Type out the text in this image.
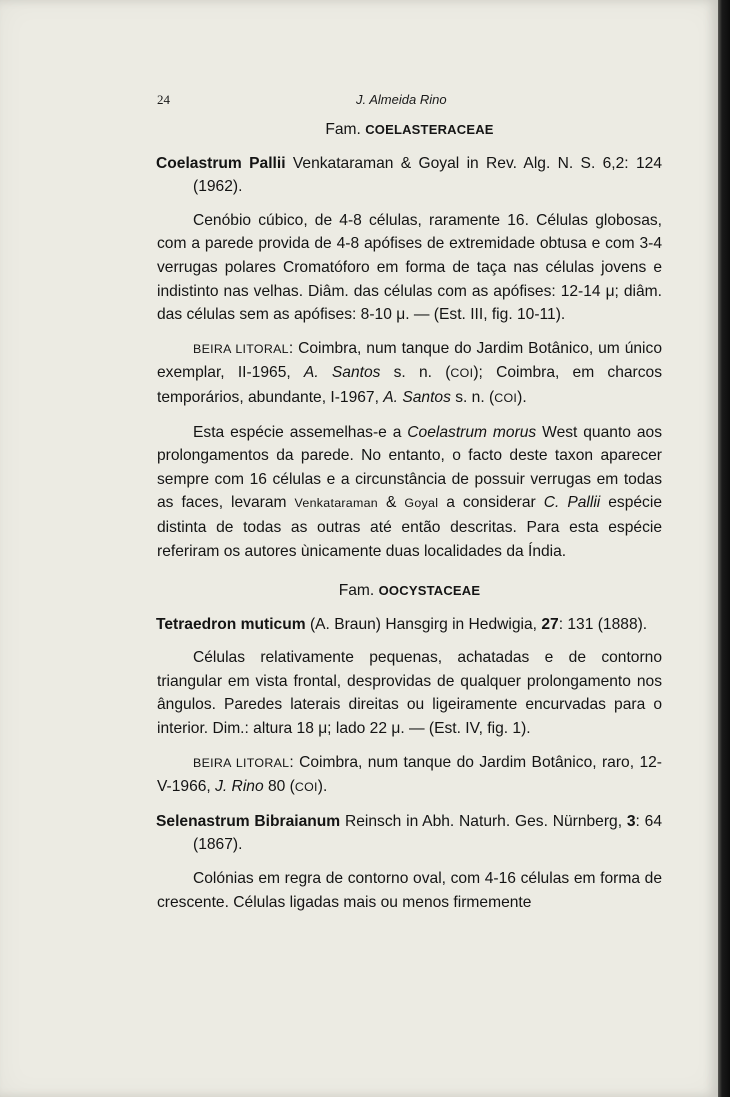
24	J. Almeida Rino
Fam. COELASTERACEAE
Coelastrum Pallii Venkataraman & Goyal in Rev. Alg. N. S. 6,2: 124 (1962).

Cenóbio cúbico, de 4-8 células, raramente 16. Células globosas, com a parede provida de 4-8 apófises de extremidade obtusa e com 3-4 verrugas polares Cromatóforo em forma de taça nas células jovens e indistinto nas velhas. Diâm. das células com as apófises: 12-14 μ; diâm. das células sem as apófises: 8-10 μ. — (Est. III, fig. 10-11).

BEIRA LITORAL: Coimbra, num tanque do Jardim Botânico, um único exemplar, II-1965, A. Santos s. n. (COI); Coimbra, em charcos temporários, abundante, I-1967, A. Santos s. n. (COI).

Esta espécie assemelhas-e a Coelastrum morus West quanto aos prolongamentos da parede. No entanto, o facto deste taxon aparecer sempre com 16 células e a circunstância de possuir verrugas em todas as faces, levaram Venkataraman & Goyal a considerar C. Pallii espécie distinta de todas as outras até então descritas. Para esta espécie referiram os autores ùnicamente duas localidades da Índia.

Fam. OOCYSTACEAE
Tetraedron muticum (A. Braun) Hansgirg in Hedwigia, 27: 131 (1888).

Células relativamente pequenas, achatadas e de contorno triangular em vista frontal, desprovidas de qualquer prolongamento nos ângulos. Paredes laterais direitas ou ligeiramente encurvadas para o interior. Dim.: altura 18 μ; lado 22 μ. — (Est. IV, fig. 1).

BEIRA LITORAL: Coimbra, num tanque do Jardim Botânico, raro, 12-V-1966, J. Rino 80 (COI).

Selenastrum Bibraianum Reinsch in Abh. Naturh. Ges. Nürnberg, 3: 64 (1867).

Colónias em regra de contorno oval, com 4-16 células em forma de crescente. Células ligadas mais ou menos firmemente
